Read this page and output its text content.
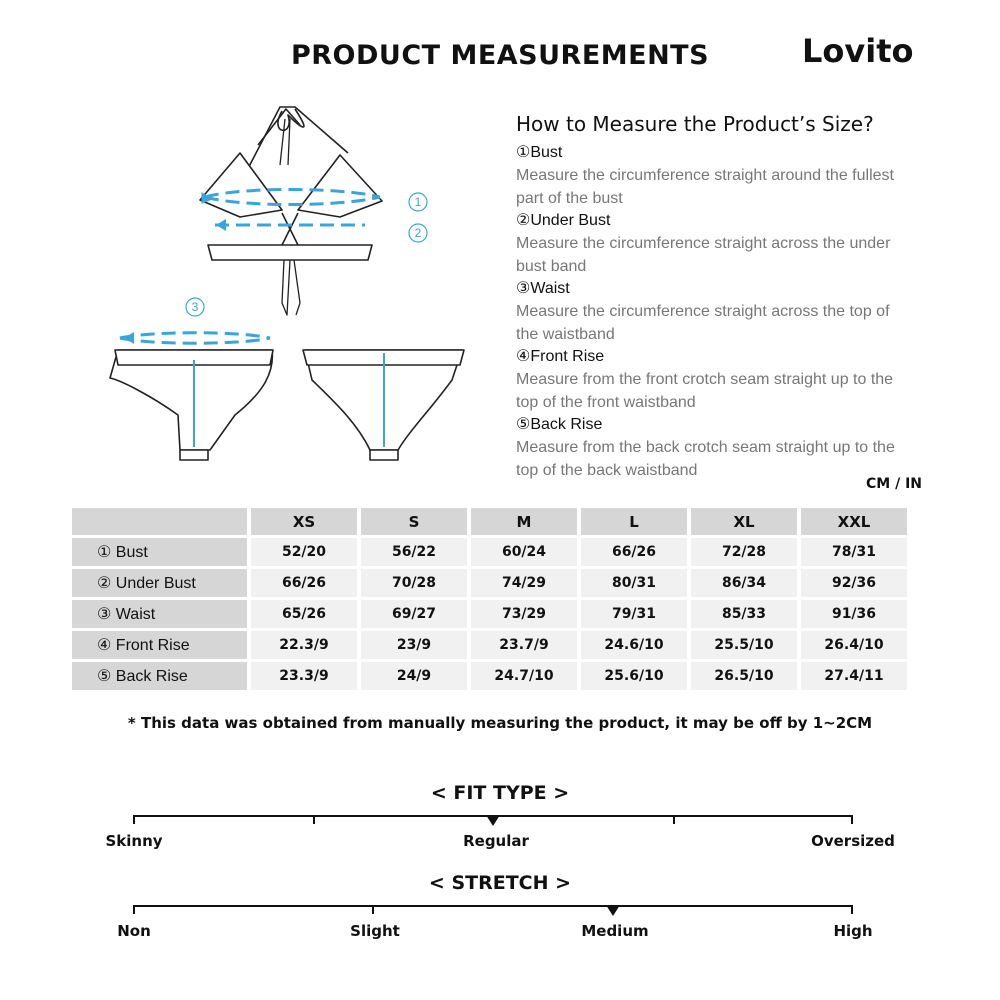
PRODUCT MEASUREMENTS	Lovito
1
2
3
How to Measure the Product’s Size?
①Bust
Measure the circumference straight around the fullest part of the bust
②Under Bust
Measure the circumference straight across the under bust band
③Waist
Measure the circumference straight across the top of the waistband
④Front Rise
Measure from the front crotch seam straight up to the top of the front waistband
⑤Back Rise
Measure from the back crotch seam straight up to the top of the back waistband
CM / IN
	XS	S	M	L	XL	XXL
① Bust	52/20	56/22	60/24	66/26	72/28	78/31
② Under Bust	66/26	70/28	74/29	80/31	86/34	92/36
③ Waist	65/26	69/27	73/29	79/31	85/33	91/36
④ Front Rise	22.3/9	23/9	23.7/9	24.6/10	25.5/10	26.4/10
⑤ Back Rise	23.3/9	24/9	24.7/10	25.6/10	26.5/10	27.4/11
* This data was obtained from manually measuring the product, it may be off by 1~2CM
< FIT TYPE >
Skinny	Regular	Oversized
< STRETCH >
Non	Slight	Medium	High
